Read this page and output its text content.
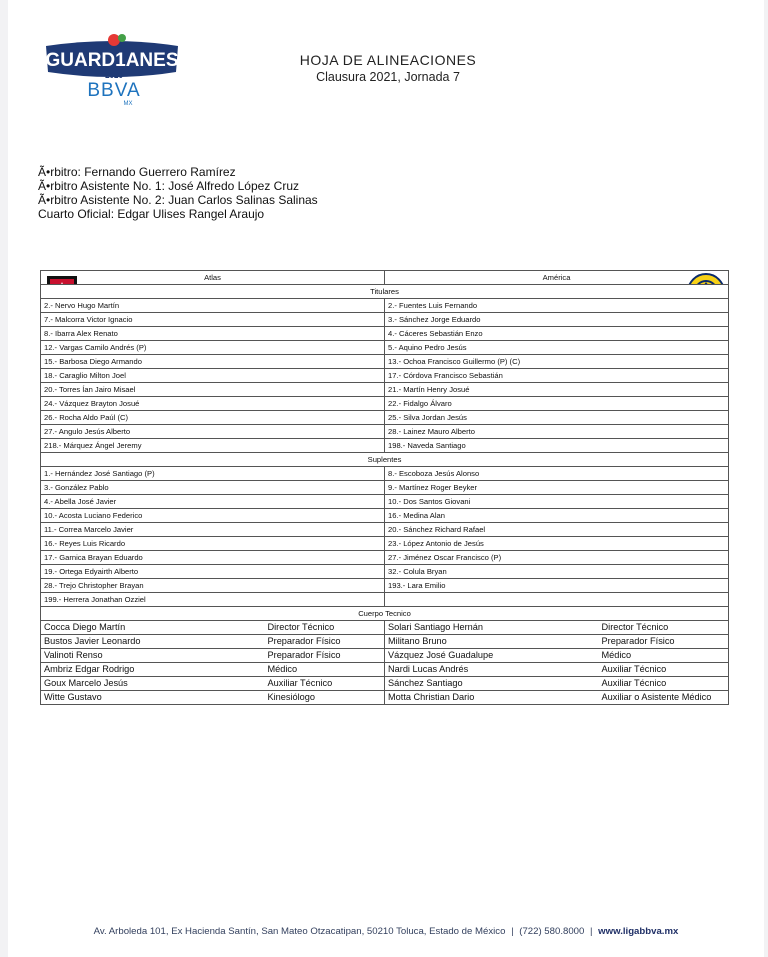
GUARD1ANES
2020
BBVA
MX
HOJA DE ALINEACIONES
Clausura 2021, Jornada 7
Ã•rbitro: Fernando Guerrero Ramírez
Ã•rbitro Asistente No. 1: José Alfredo López Cruz
Ã•rbitro Asistente No. 2: Juan Carlos Salinas Salinas
Cuarto Oficial: Edgar Ulises Rangel Araujo
Atlas		América	

Titulares			
2.- Nervo Hugo Martín		2.- Fuentes Luis Fernando	
7.- Malcorra Victor Ignacio		3.- Sánchez Jorge Eduardo	
8.- Ibarra Alex Renato		4.- Cáceres Sebastián Enzo	
12.- Vargas Camilo Andrés (P)		5.- Aquino Pedro Jesús	
15.- Barbosa Diego Armando		13.- Ochoa Francisco Guillermo (P) (C)	
18.- Caraglio Milton Joel		17.- Córdova Francisco Sebastián	
20.- Torres Ían Jairo Misael		21.- Martín Henry Josué	
24.- Vázquez Brayton Josué		22.- Fidalgo Álvaro	
26.- Rocha Aldo Paúl (C)		25.- Silva Jordan Jesús	
27.- Angulo Jesús Alberto		28.- Lainez Mauro Alberto	
218.- Márquez Ángel Jeremy		198.- Naveda Santiago	
Suplentes			
1.- Hernández José Santiago (P)		8.- Escoboza Jesús Alonso	
3.- González Pablo		9.- Martínez Roger Beyker	
4.- Abella José Javier		10.- Dos Santos Giovani	
10.- Acosta Luciano Federico		16.- Medina Alan	
11.- Correa Marcelo Javier		20.- Sánchez Richard Rafael	
16.- Reyes Luis Ricardo		23.- López Antonio de Jesús	
17.- Garnica Brayan Eduardo		27.- Jiménez Oscar Francisco (P)	
19.- Ortega Edyairth Alberto		32.- Colula Bryan	
28.- Trejo Christopher Brayan		193.- Lara Emilio	
199.- Herrera Jonathan Ozziel			
Cuerpo Tecnico			
Cocca Diego Martín	Director Técnico	Solari Santiago Hernán	Director Técnico
Bustos Javier Leonardo	Preparador Físico	Militano Bruno	Preparador Físico
Valinoti Renso	Preparador Físico	Vázquez José Guadalupe	Médico
Ambriz Edgar Rodrigo	Médico	Nardi Lucas Andrés	Auxiliar Técnico
Goux Marcelo Jesús	Auxiliar Técnico	Sánchez Santiago	Auxiliar Técnico
Witte Gustavo	Kinesiólogo	Motta Christian Dario	Auxiliar o Asistente Médico
Av. Arboleda 101, Ex Hacienda Santín, San Mateo Otzacatipan, 50210 Toluca, Estado de México | (722) 580.8000 | www.ligabbva.mx
